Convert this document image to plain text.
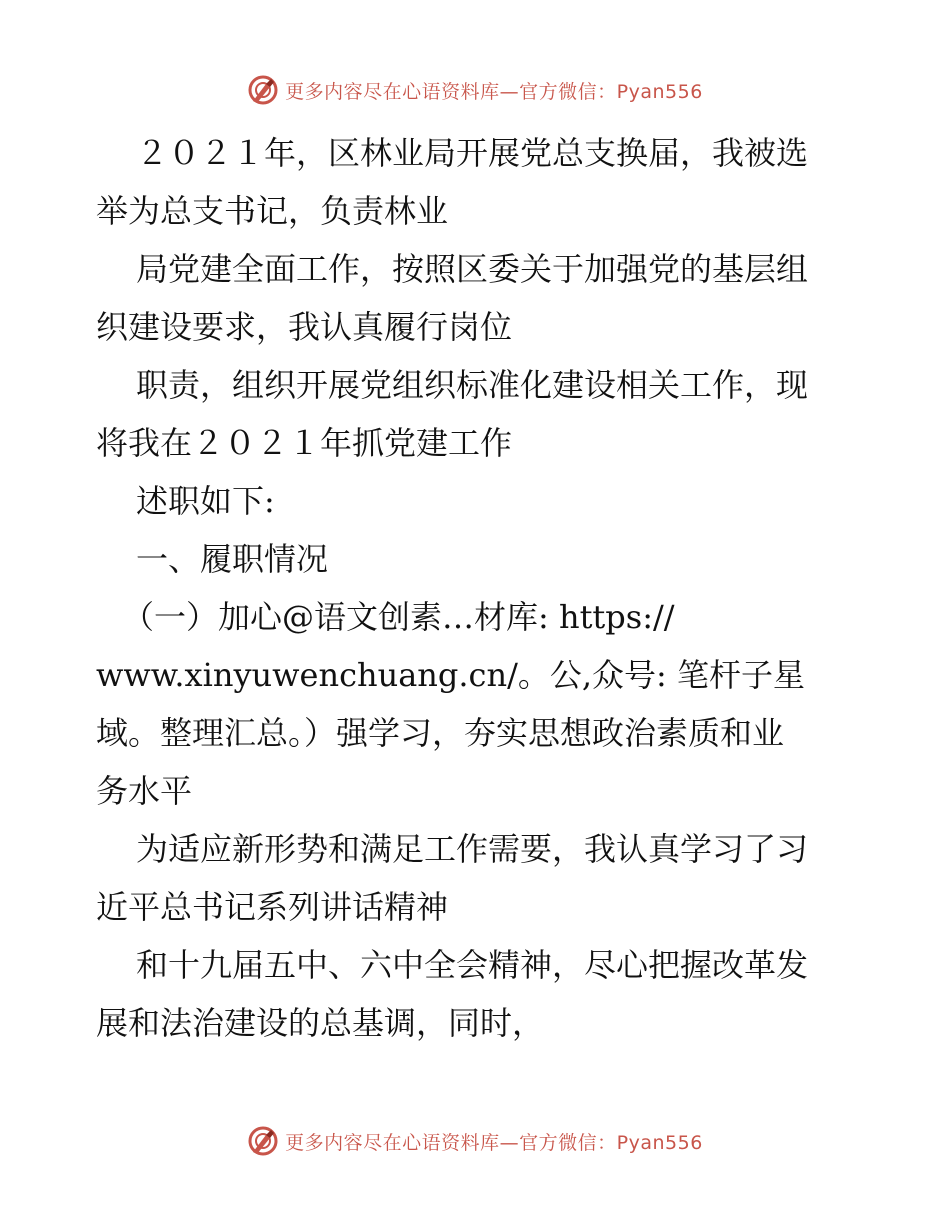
更多内容尽在心语资料库—官方微信：Pyan556
２０２１年，区林业局开展党总支换届，我被选
举为总支书记，负责林业
局党建全面工作，按照区委关于加强党的基层组
织建设要求，我认真履行岗位
职责，组织开展党组织标准化建设相关工作，现
将我在２０２１年抓党建工作
述职如下:
一、履职情况
（一）加心@语文创素…材库: https://
www.xinyuwenchuang.cn/。公,众号: 笔杆子星
域。整理汇总。）强学习，夯实思想政治素质和业
务水平
为适应新形势和满足工作需要，我认真学习了习
近平总书记系列讲话精神
和十九届五中、六中全会精神，尽心把握改革发
展和法治建设的总基调，同时，
更多内容尽在心语资料库—官方微信：Pyan556
